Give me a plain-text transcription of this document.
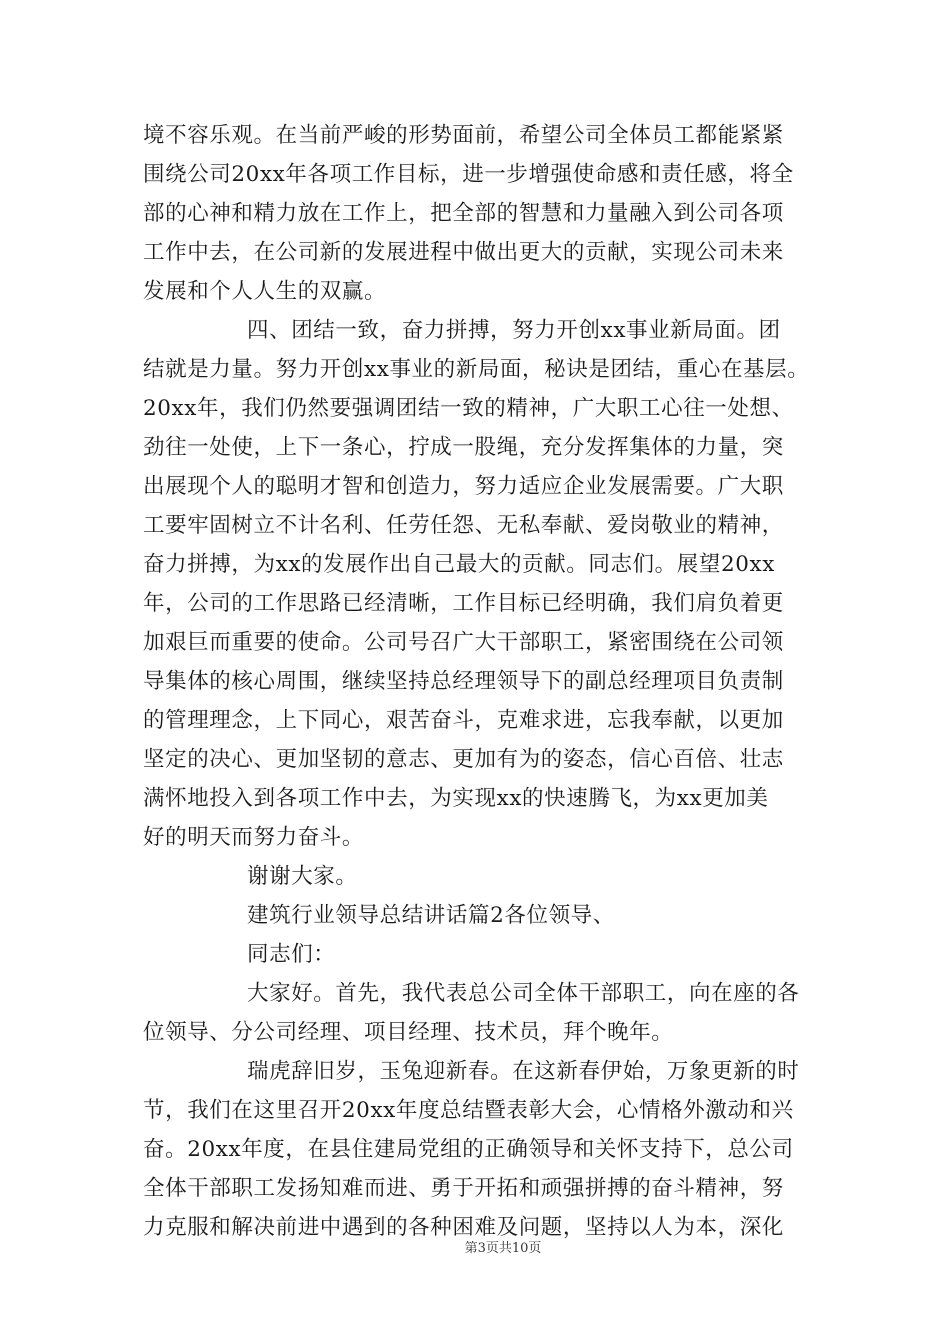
境不容乐观。在当前严峻的形势面前，希望公司全体员工都能紧紧
围绕公司20xx年各项工作目标，进一步增强使命感和责任感，将全
部的心神和精力放在工作上，把全部的智慧和力量融入到公司各项
工作中去，在公司新的发展进程中做出更大的贡献，实现公司未来
发展和个人人生的双赢。
四、团结一致，奋力拼搏，努力开创xx事业新局面。团
结就是力量。努力开创xx事业的新局面，秘诀是团结，重心在基层。
20xx年，我们仍然要强调团结一致的精神，广大职工心往一处想、
劲往一处使，上下一条心，拧成一股绳，充分发挥集体的力量，突
出展现个人的聪明才智和创造力，努力适应企业发展需要。广大职
工要牢固树立不计名利、任劳任怨、无私奉献、爱岗敬业的精神，
奋力拼搏，为xx的发展作出自己最大的贡献。同志们。展望20xx
年，公司的工作思路已经清晰，工作目标已经明确，我们肩负着更
加艰巨而重要的使命。公司号召广大干部职工，紧密围绕在公司领
导集体的核心周围，继续坚持总经理领导下的副总经理项目负责制
的管理理念，上下同心，艰苦奋斗，克难求进，忘我奉献，以更加
坚定的决心、更加坚韧的意志、更加有为的姿态，信心百倍、壮志
满怀地投入到各项工作中去，为实现xx的快速腾飞，为xx更加美
好的明天而努力奋斗。
谢谢大家。
建筑行业领导总结讲话篇2各位领导、
同志们：
大家好。首先，我代表总公司全体干部职工，向在座的各
位领导、分公司经理、项目经理、技术员，拜个晚年。
瑞虎辞旧岁，玉兔迎新春。在这新春伊始，万象更新的时
节，我们在这里召开20xx年度总结暨表彰大会，心情格外激动和兴
奋。20xx年度，在县住建局党组的正确领导和关怀支持下，总公司
全体干部职工发扬知难而进、勇于开拓和顽强拼搏的奋斗精神，努
力克服和解决前进中遇到的各种困难及问题，坚持以人为本，深化
第3页共10页
